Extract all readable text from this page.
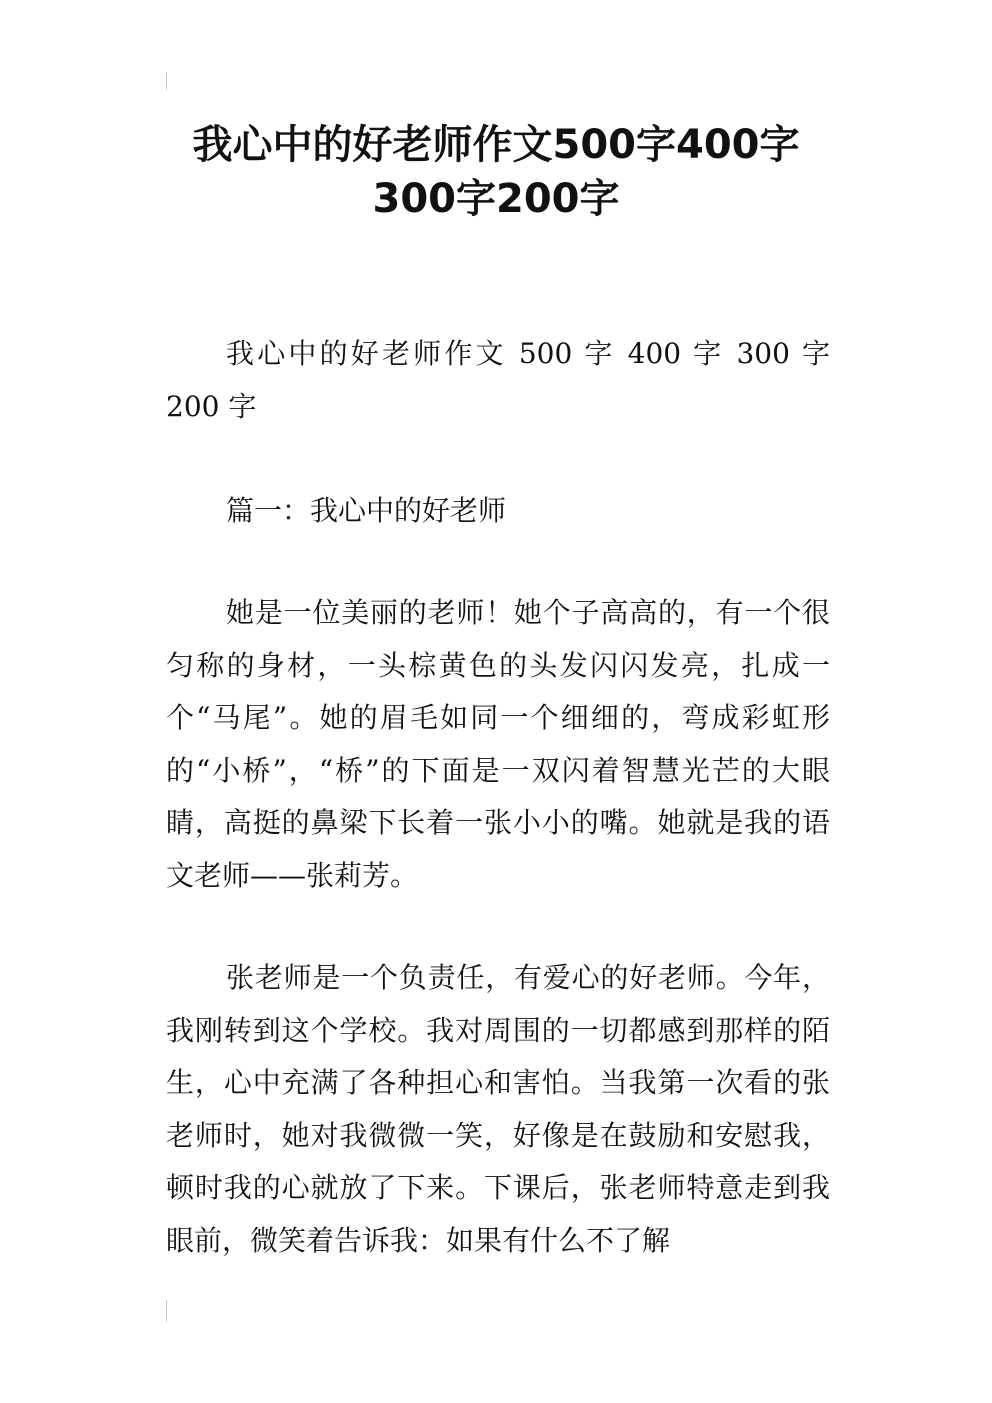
我心中的好老师作文500字400字300字200字
我心中的好老师作文 500 字 400 字 300 字 200 字
篇一：我心中的好老师
她是一位美丽的老师！她个子高高的，有一个很匀称的身材，一头棕黄色的头发闪闪发亮，扎成一个“马尾”。她的眉毛如同一个细细的，弯成彩虹形的“小桥”，“桥”的下面是一双闪着智慧光芒的大眼睛，高挺的鼻梁下长着一张小小的嘴。她就是我的语文老师——张莉芳。
张老师是一个负责任，有爱心的好老师。今年，我刚转到这个学校。我对周围的一切都感到那样的陌生，心中充满了各种担心和害怕。当我第一次看的张老师时，她对我微微一笑，好像是在鼓励和安慰我，顿时我的心就放了下来。下课后，张老师特意走到我眼前，微笑着告诉我：如果有什么不了解
